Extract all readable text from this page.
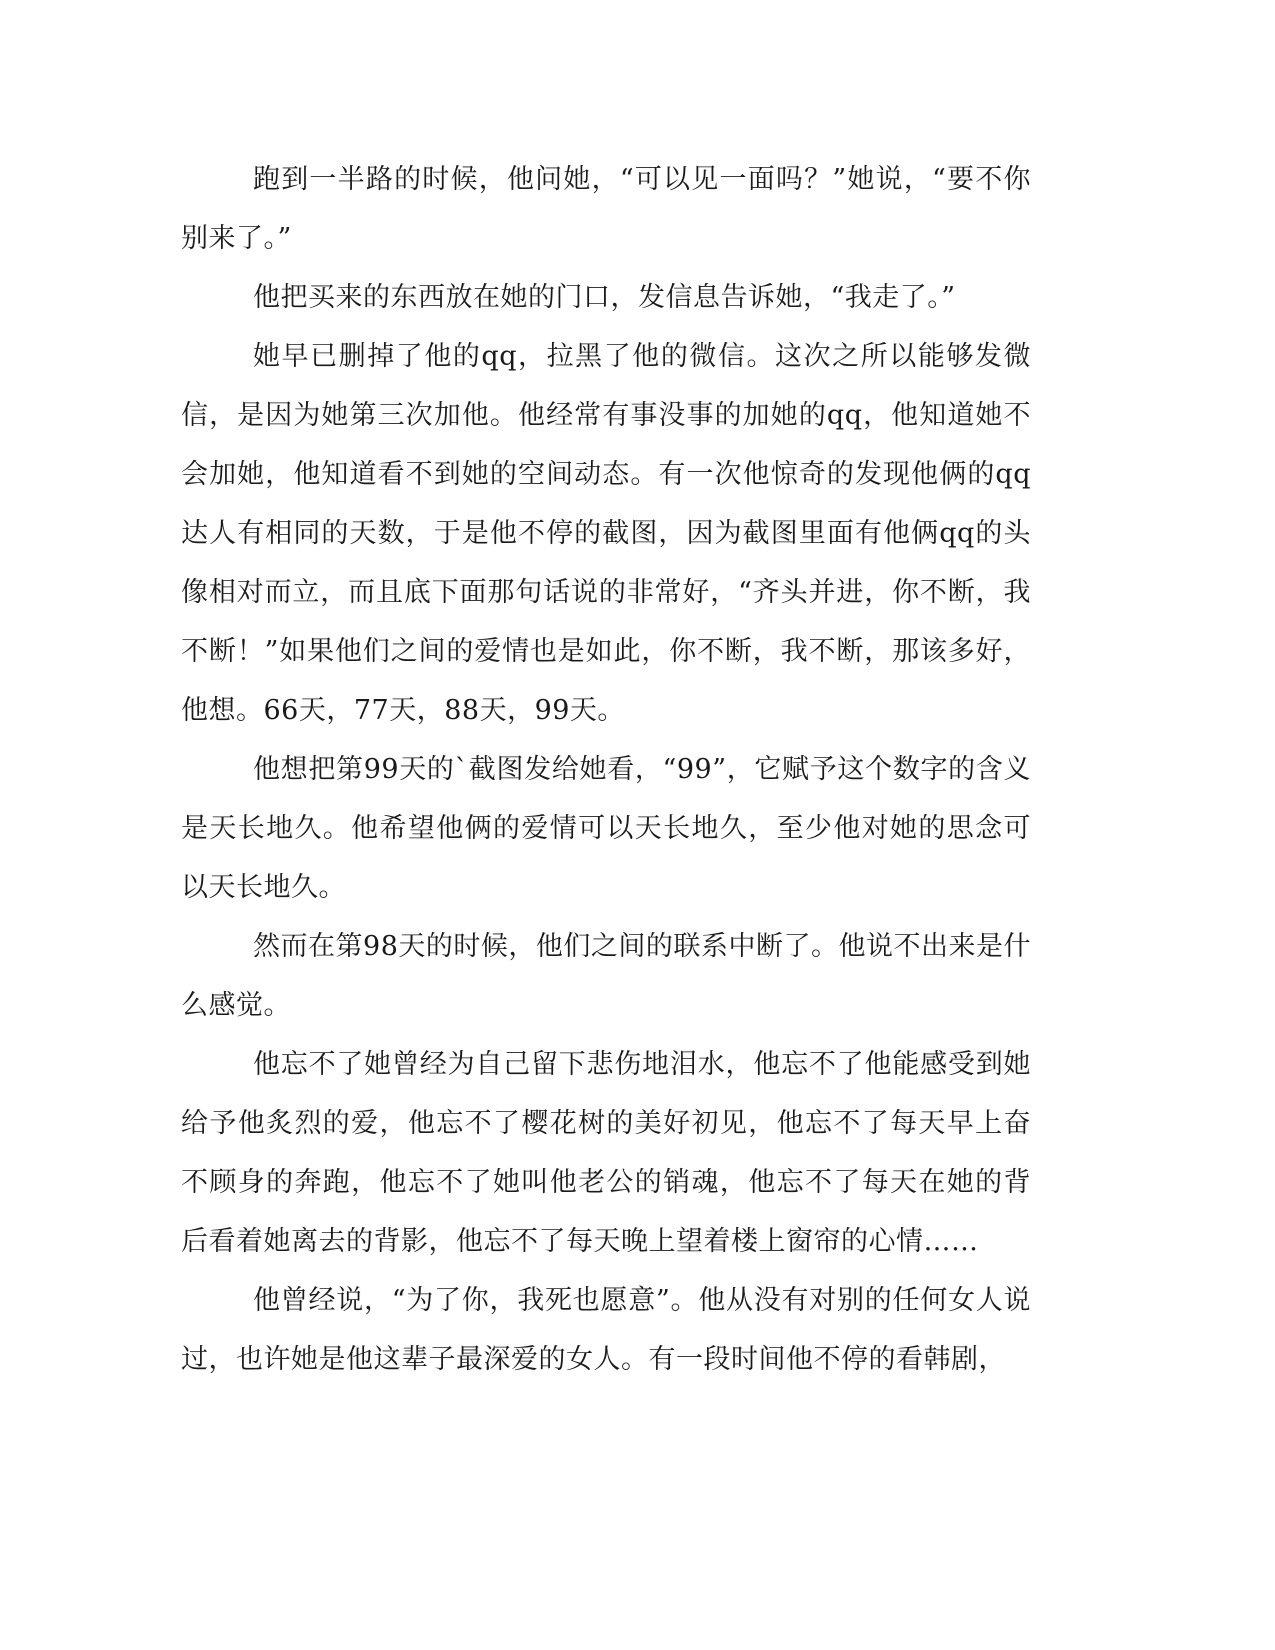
跑到一半路的时候，他问她，“可以见一面吗？”她说，“要不你别来了。”

他把买来的东西放在她的门口，发信息告诉她，“我走了。”

她早已删掉了他的qq，拉黑了他的微信。这次之所以能够发微信，是因为她第三次加他。他经常有事没事的加她的qq，他知道她不会加她，他知道看不到她的空间动态。有一次他惊奇的发现他俩的qq达人有相同的天数，于是他不停的截图，因为截图里面有他俩qq的头像相对而立，而且底下面那句话说的非常好，“齐头并进，你不断，我不断！”如果他们之间的爱情也是如此，你不断，我不断，那该多好，他想。66天，77天，88天，99天。

他想把第99天的`截图发给她看，“99”，它赋予这个数字的含义是天长地久。他希望他俩的爱情可以天长地久，至少他对她的思念可以天长地久。

然而在第98天的时候，他们之间的联系中断了。他说不出来是什么感觉。

他忘不了她曾经为自己留下悲伤地泪水，他忘不了他能感受到她给予他炙烈的爱，他忘不了樱花树的美好初见，他忘不了每天早上奋不顾身的奔跑，他忘不了她叫他老公的销魂，他忘不了每天在她的背后看着她离去的背影，他忘不了每天晚上望着楼上窗帘的心情……

他曾经说，“为了你，我死也愿意”。他从没有对别的任何女人说过，也许她是他这辈子最深爱的女人。有一段时间他不停的看韩剧，
